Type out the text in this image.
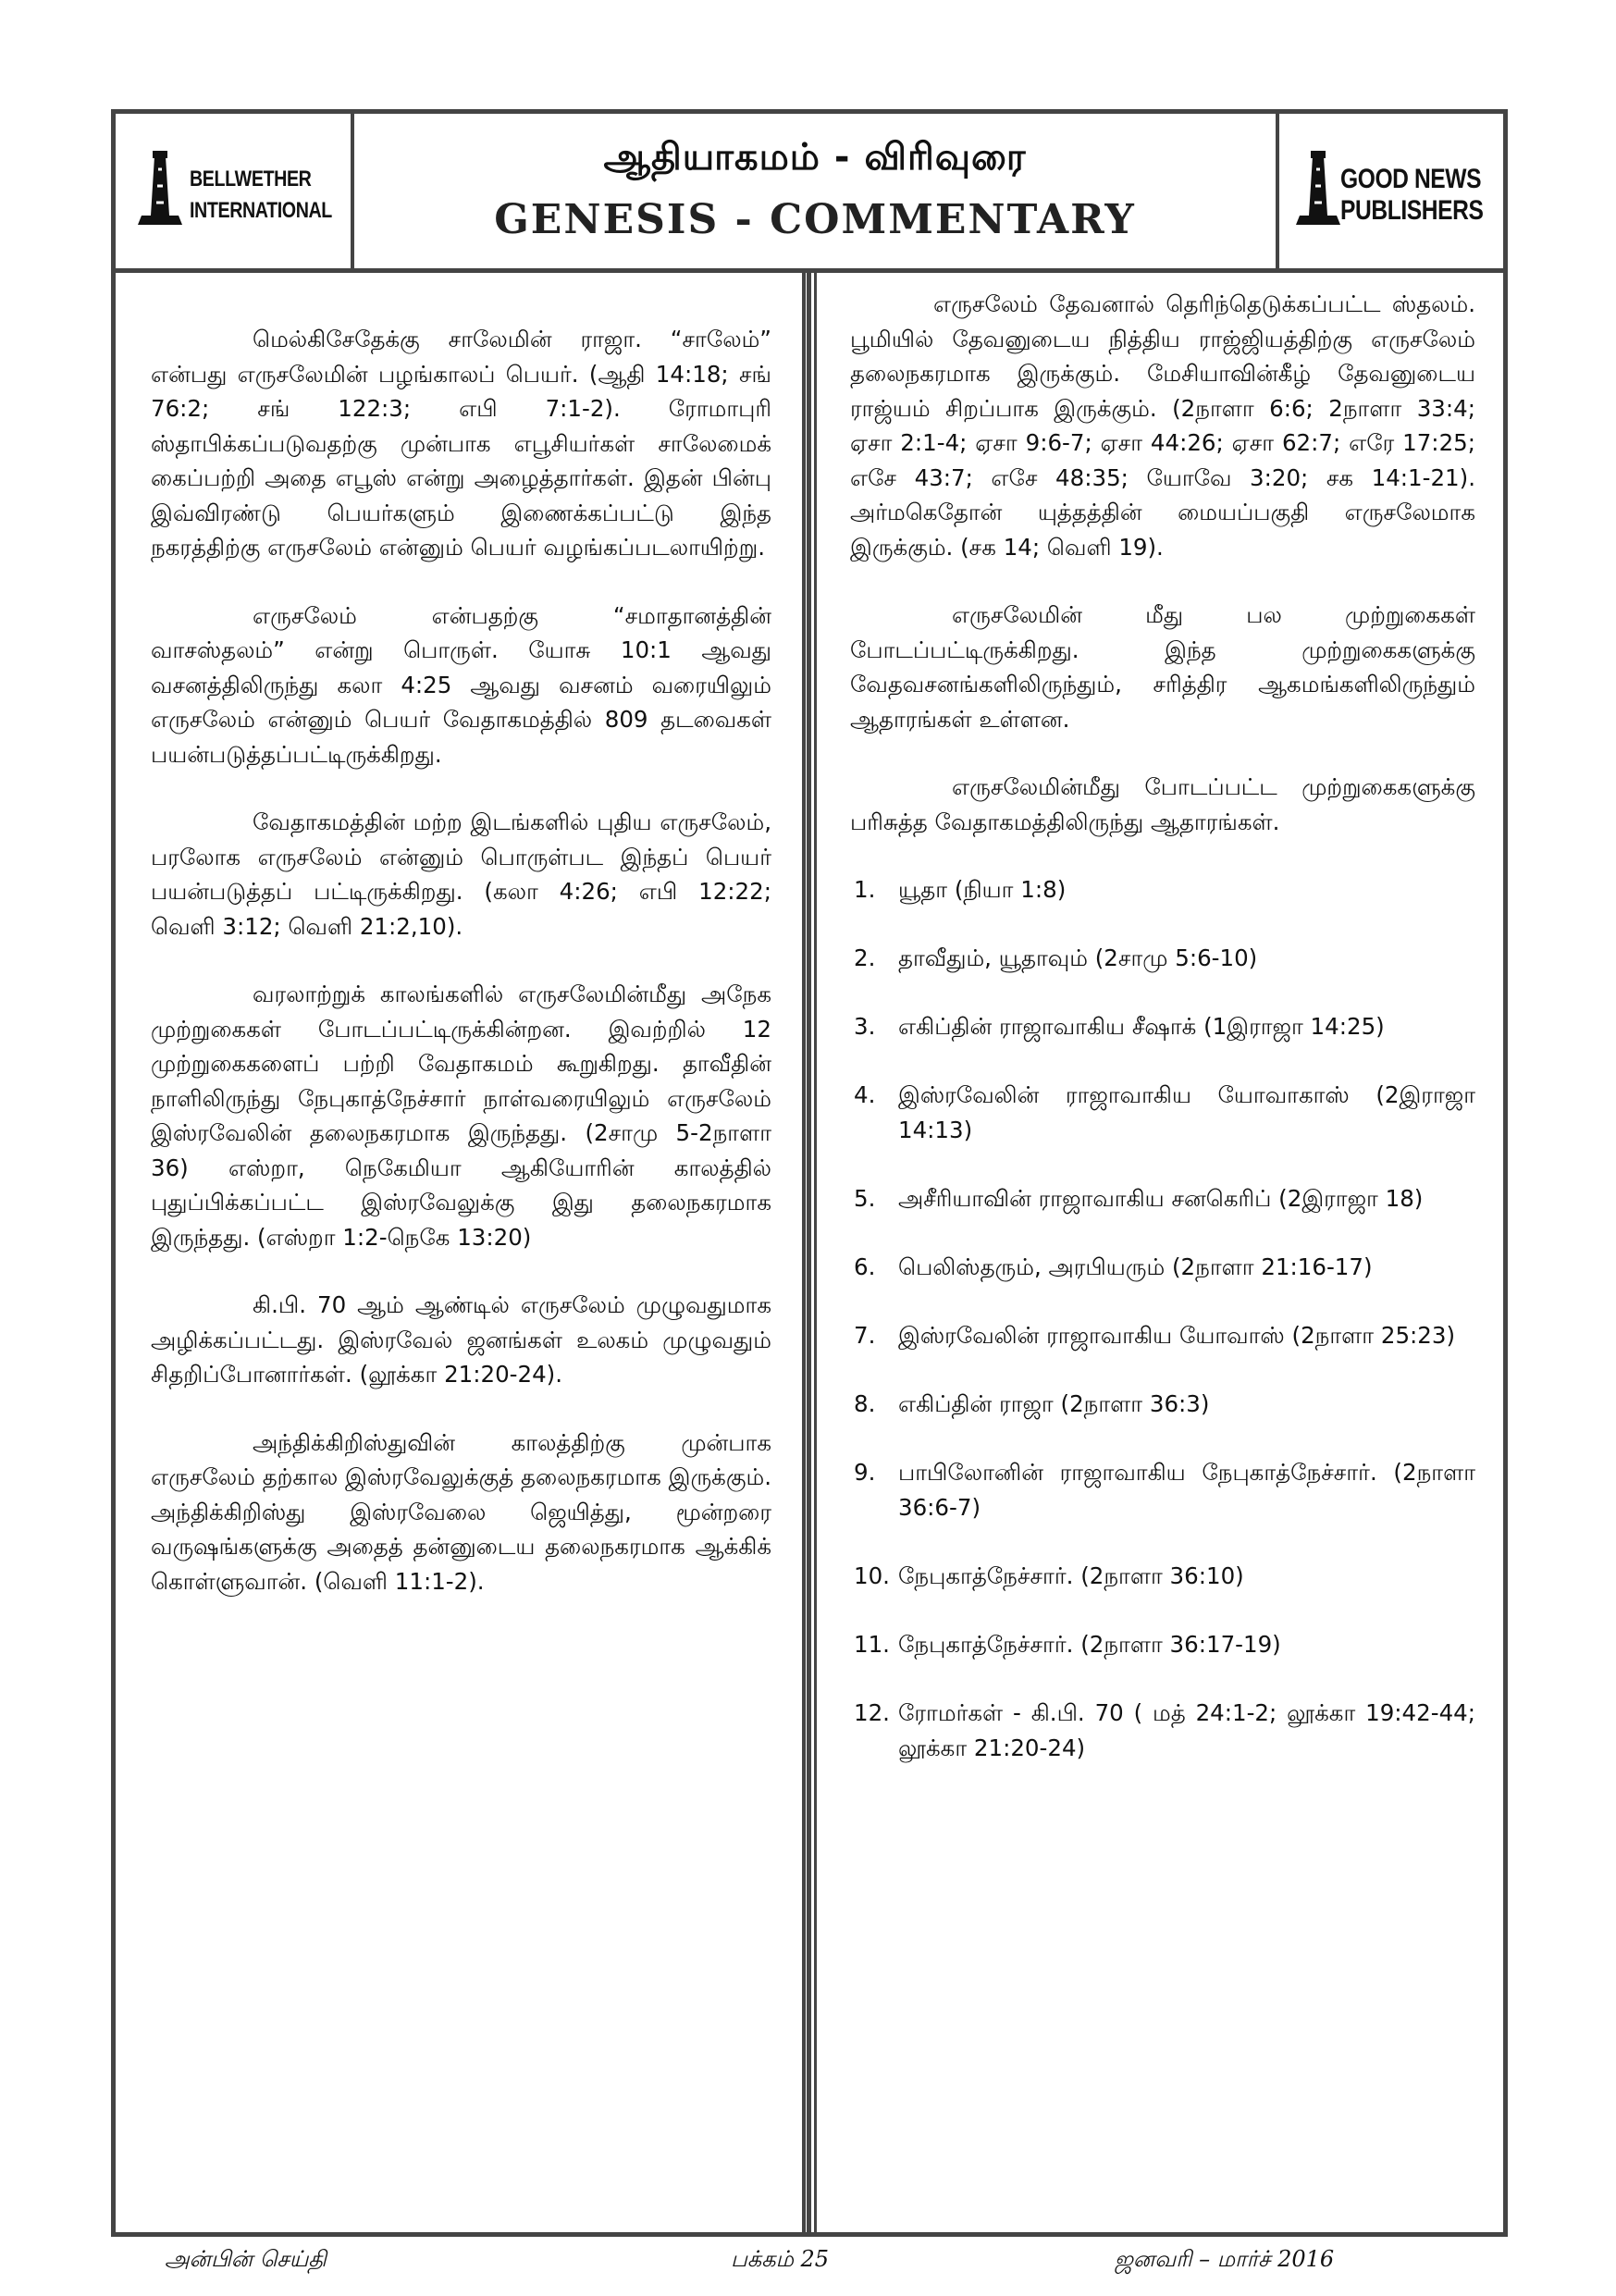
BELLWETHER
INTERNATIONAL
ஆதியாகமம் - விரிவுரை
GENESIS - COMMENTARY
GOOD NEWS
PUBLISHERS

மெல்கிசேதேக்கு சாலேமின் ராஜா. “சாலேம்” என்பது எருசலேமின் பழங்காலப் பெயர். (ஆதி 14:18; சங் 76:2; சங் 122:3; எபி 7:1-2). ரோமாபுரி ஸ்தாபிக்கப்படுவதற்கு முன்பாக எபூசியர்கள் சாலேமைக் கைப்பற்றி அதை எபூஸ் என்று அழைத்தார்கள். இதன் பின்பு இவ்விரண்டு பெயர்களும் இணைக்கப்பட்டு இந்த நகரத்திற்கு எருசலேம் என்னும் பெயர் வழங்கப்படலாயிற்று.

எருசலேம் என்பதற்கு “சமாதானத்தின் வாசஸ்தலம்” என்று பொருள். யோசு 10:1 ஆவது வசனத்திலிருந்து கலா 4:25 ஆவது வசனம் வரையிலும் எருசலேம் என்னும் பெயர் வேதாகமத்தில் 809 தடவைகள் பயன்படுத்தப்பட்டிருக்கிறது.

வேதாகமத்தின் மற்ற இடங்களில் புதிய எருசலேம், பரலோக எருசலேம் என்னும் பொருள்பட இந்தப் பெயர் பயன்படுத்தப் பட்டிருக்கிறது. (கலா 4:26; எபி 12:22; வெளி 3:12; வெளி 21:2,10).

வரலாற்றுக் காலங்களில் எருசலேமின்மீது அநேக முற்றுகைகள் போடப்பட்டிருக்கின்றன. இவற்றில் 12 முற்றுகைகளைப் பற்றி வேதாகமம் கூறுகிறது. தாவீதின் நாளிலிருந்து நேபுகாத்நேச்சார் நாள்வரையிலும் எருசலேம் இஸ்ரவேலின் தலைநகரமாக இருந்தது. (2சாமு 5-2நாளா 36) எஸ்றா, நெகேமியா ஆகியோரின் காலத்தில் புதுப்பிக்கப்பட்ட இஸ்ரவேலுக்கு இது தலைநகரமாக இருந்தது. (எஸ்றா 1:2-நெகே 13:20)

கி.பி. 70 ஆம் ஆண்டில் எருசலேம் முழுவதுமாக அழிக்கப்பட்டது. இஸ்ரவேல் ஜனங்கள் உலகம் முழுவதும் சிதறிப்போனார்கள். (லூக்கா 21:20-24).

அந்திக்கிறிஸ்துவின் காலத்திற்கு முன்பாக எருசலேம் தற்கால இஸ்ரவேலுக்குத் தலைநகரமாக இருக்கும். அந்திக்கிறிஸ்து இஸ்ரவேலை ஜெயித்து, மூன்றரை வருஷங்களுக்கு அதைத் தன்னுடைய தலைநகரமாக ஆக்கிக் கொள்ளுவான். (வெளி 11:1-2).

எருசலேம் தேவனால் தெரிந்தெடுக்கப்பட்ட ஸ்தலம். பூமியில் தேவனுடைய நித்திய ராஜ்ஜியத்திற்கு எருசலேம் தலைநகரமாக இருக்கும். மேசியாவின்கீழ் தேவனுடைய ராஜ்யம் சிறப்பாக இருக்கும். (2நாளா 6:6; 2நாளா 33:4; ஏசா 2:1-4; ஏசா 9:6-7; ஏசா 44:26; ஏசா 62:7; எரே 17:25; எசே 43:7; எசே 48:35; யோவே 3:20; சக 14:1-21). அர்மகெதோன் யுத்தத்தின் மையப்பகுதி எருசலேமாக இருக்கும். (சக 14; வெளி 19).

எருசலேமின் மீது பல முற்றுகைகள் போடப்பட்டிருக்கிறது. இந்த முற்றுகைகளுக்கு வேதவசனங்களிலிருந்தும், சரித்திர ஆகமங்களிலிருந்தும் ஆதாரங்கள் உள்ளன.

எருசலேமின்மீது போடப்பட்ட முற்றுகைகளுக்கு பரிசுத்த வேதாகமத்திலிருந்து ஆதாரங்கள்.

1. யூதா (நியா 1:8)
2. தாவீதும், யூதாவும் (2சாமு 5:6-10)
3. எகிப்தின் ராஜாவாகிய சீஷாக் (1இராஜா 14:25)
4. இஸ்ரவேலின் ராஜாவாகிய யோவாகாஸ் (2இராஜா 14:13)
5. அசீரியாவின் ராஜாவாகிய சனகெரிப் (2இராஜா 18)
6. பெலிஸ்தரும், அரபியரும் (2நாளா 21:16-17)
7. இஸ்ரவேலின் ராஜாவாகிய யோவாஸ் (2நாளா 25:23)
8. எகிப்தின் ராஜா (2நாளா 36:3)
9. பாபிலோனின் ராஜாவாகிய நேபுகாத்நேச்சார். (2நாளா 36:6-7)
10. நேபுகாத்நேச்சார். (2நாளா 36:10)
11. நேபுகாத்நேச்சார். (2நாளா 36:17-19)
12. ரோமர்கள் - கி.பி. 70 ( மத் 24:1-2; லூக்கா 19:42-44; லூக்கா 21:20-24)
அன்பின் செய்தி	பக்கம் 25	ஜனவரி – மார்ச் 2016
